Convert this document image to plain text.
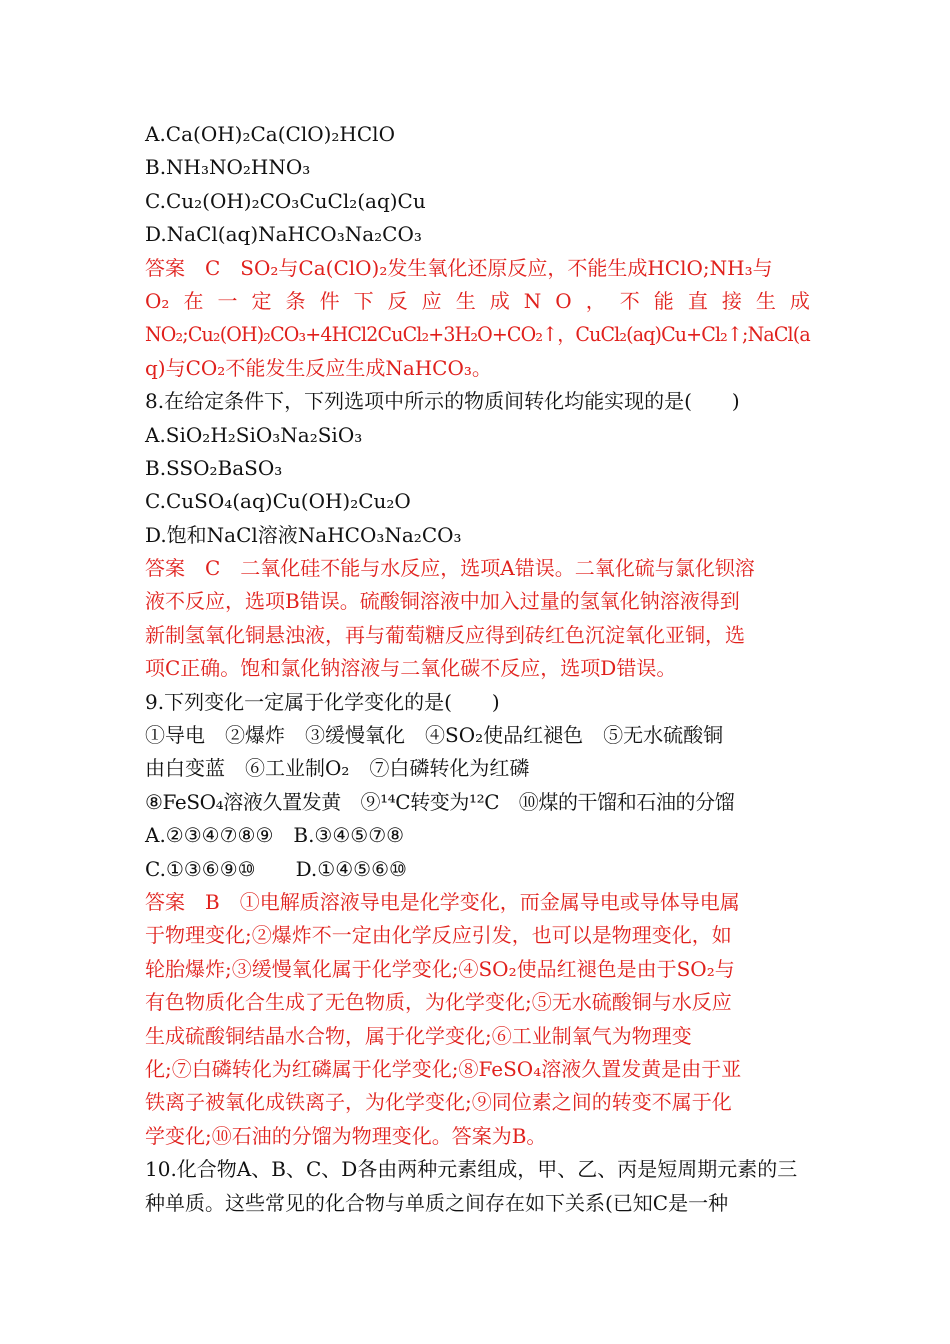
A.Ca(OH)₂Ca(ClO)₂HClO
B.NH₃NO₂HNO₃
C.Cu₂(OH)₂CO₃CuCl₂(aq)Cu
D.NaCl(aq)NaHCO₃Na₂CO₃
答案　C　SO₂与Ca(ClO)₂发生氧化还原反应，不能生成HClO;NH₃与
O₂ 在 一 定 条 件 下 反 应 生 成 N O ， 不 能 直 接 生 成
NO₂;Cu₂(OH)₂CO₃+4HCl2CuCl₂+3H₂O+CO₂↑，CuCl₂(aq)Cu+Cl₂↑;NaCl(a
q)与CO₂不能发生反应生成NaHCO₃。
8.在给定条件下，下列选项中所示的物质间转化均能实现的是(　　)
A.SiO₂H₂SiO₃Na₂SiO₃
B.SSO₂BaSO₃
C.CuSO₄(aq)Cu(OH)₂Cu₂O
D.饱和NaCl溶液NaHCO₃Na₂CO₃
答案　C　二氧化硅不能与水反应，选项A错误。二氧化硫与氯化钡溶
液不反应，选项B错误。硫酸铜溶液中加入过量的氢氧化钠溶液得到
新制氢氧化铜悬浊液，再与葡萄糖反应得到砖红色沉淀氧化亚铜，选
项C正确。饱和氯化钠溶液与二氧化碳不反应，选项D错误。
9.下列变化一定属于化学变化的是(　　)
①导电　②爆炸　③缓慢氧化　④SO₂使品红褪色　⑤无水硫酸铜
由白变蓝　⑥工业制O₂　⑦白磷转化为红磷
⑧FeSO₄溶液久置发黄　⑨¹⁴C转变为¹²C　⑩煤的干馏和石油的分馏
A.②③④⑦⑧⑨　B.③④⑤⑦⑧
C.①③⑥⑨⑩　　D.①④⑤⑥⑩
答案　B　①电解质溶液导电是化学变化，而金属导电或导体导电属
于物理变化;②爆炸不一定由化学反应引发，也可以是物理变化，如
轮胎爆炸;③缓慢氧化属于化学变化;④SO₂使品红褪色是由于SO₂与
有色物质化合生成了无色物质，为化学变化;⑤无水硫酸铜与水反应
生成硫酸铜结晶水合物，属于化学变化;⑥工业制氧气为物理变
化;⑦白磷转化为红磷属于化学变化;⑧FeSO₄溶液久置发黄是由于亚
铁离子被氧化成铁离子，为化学变化;⑨同位素之间的转变不属于化
学变化;⑩石油的分馏为物理变化。答案为B。
10.化合物A、B、C、D各由两种元素组成，甲、乙、丙是短周期元素的三
种单质。这些常见的化合物与单质之间存在如下关系(已知C是一种
